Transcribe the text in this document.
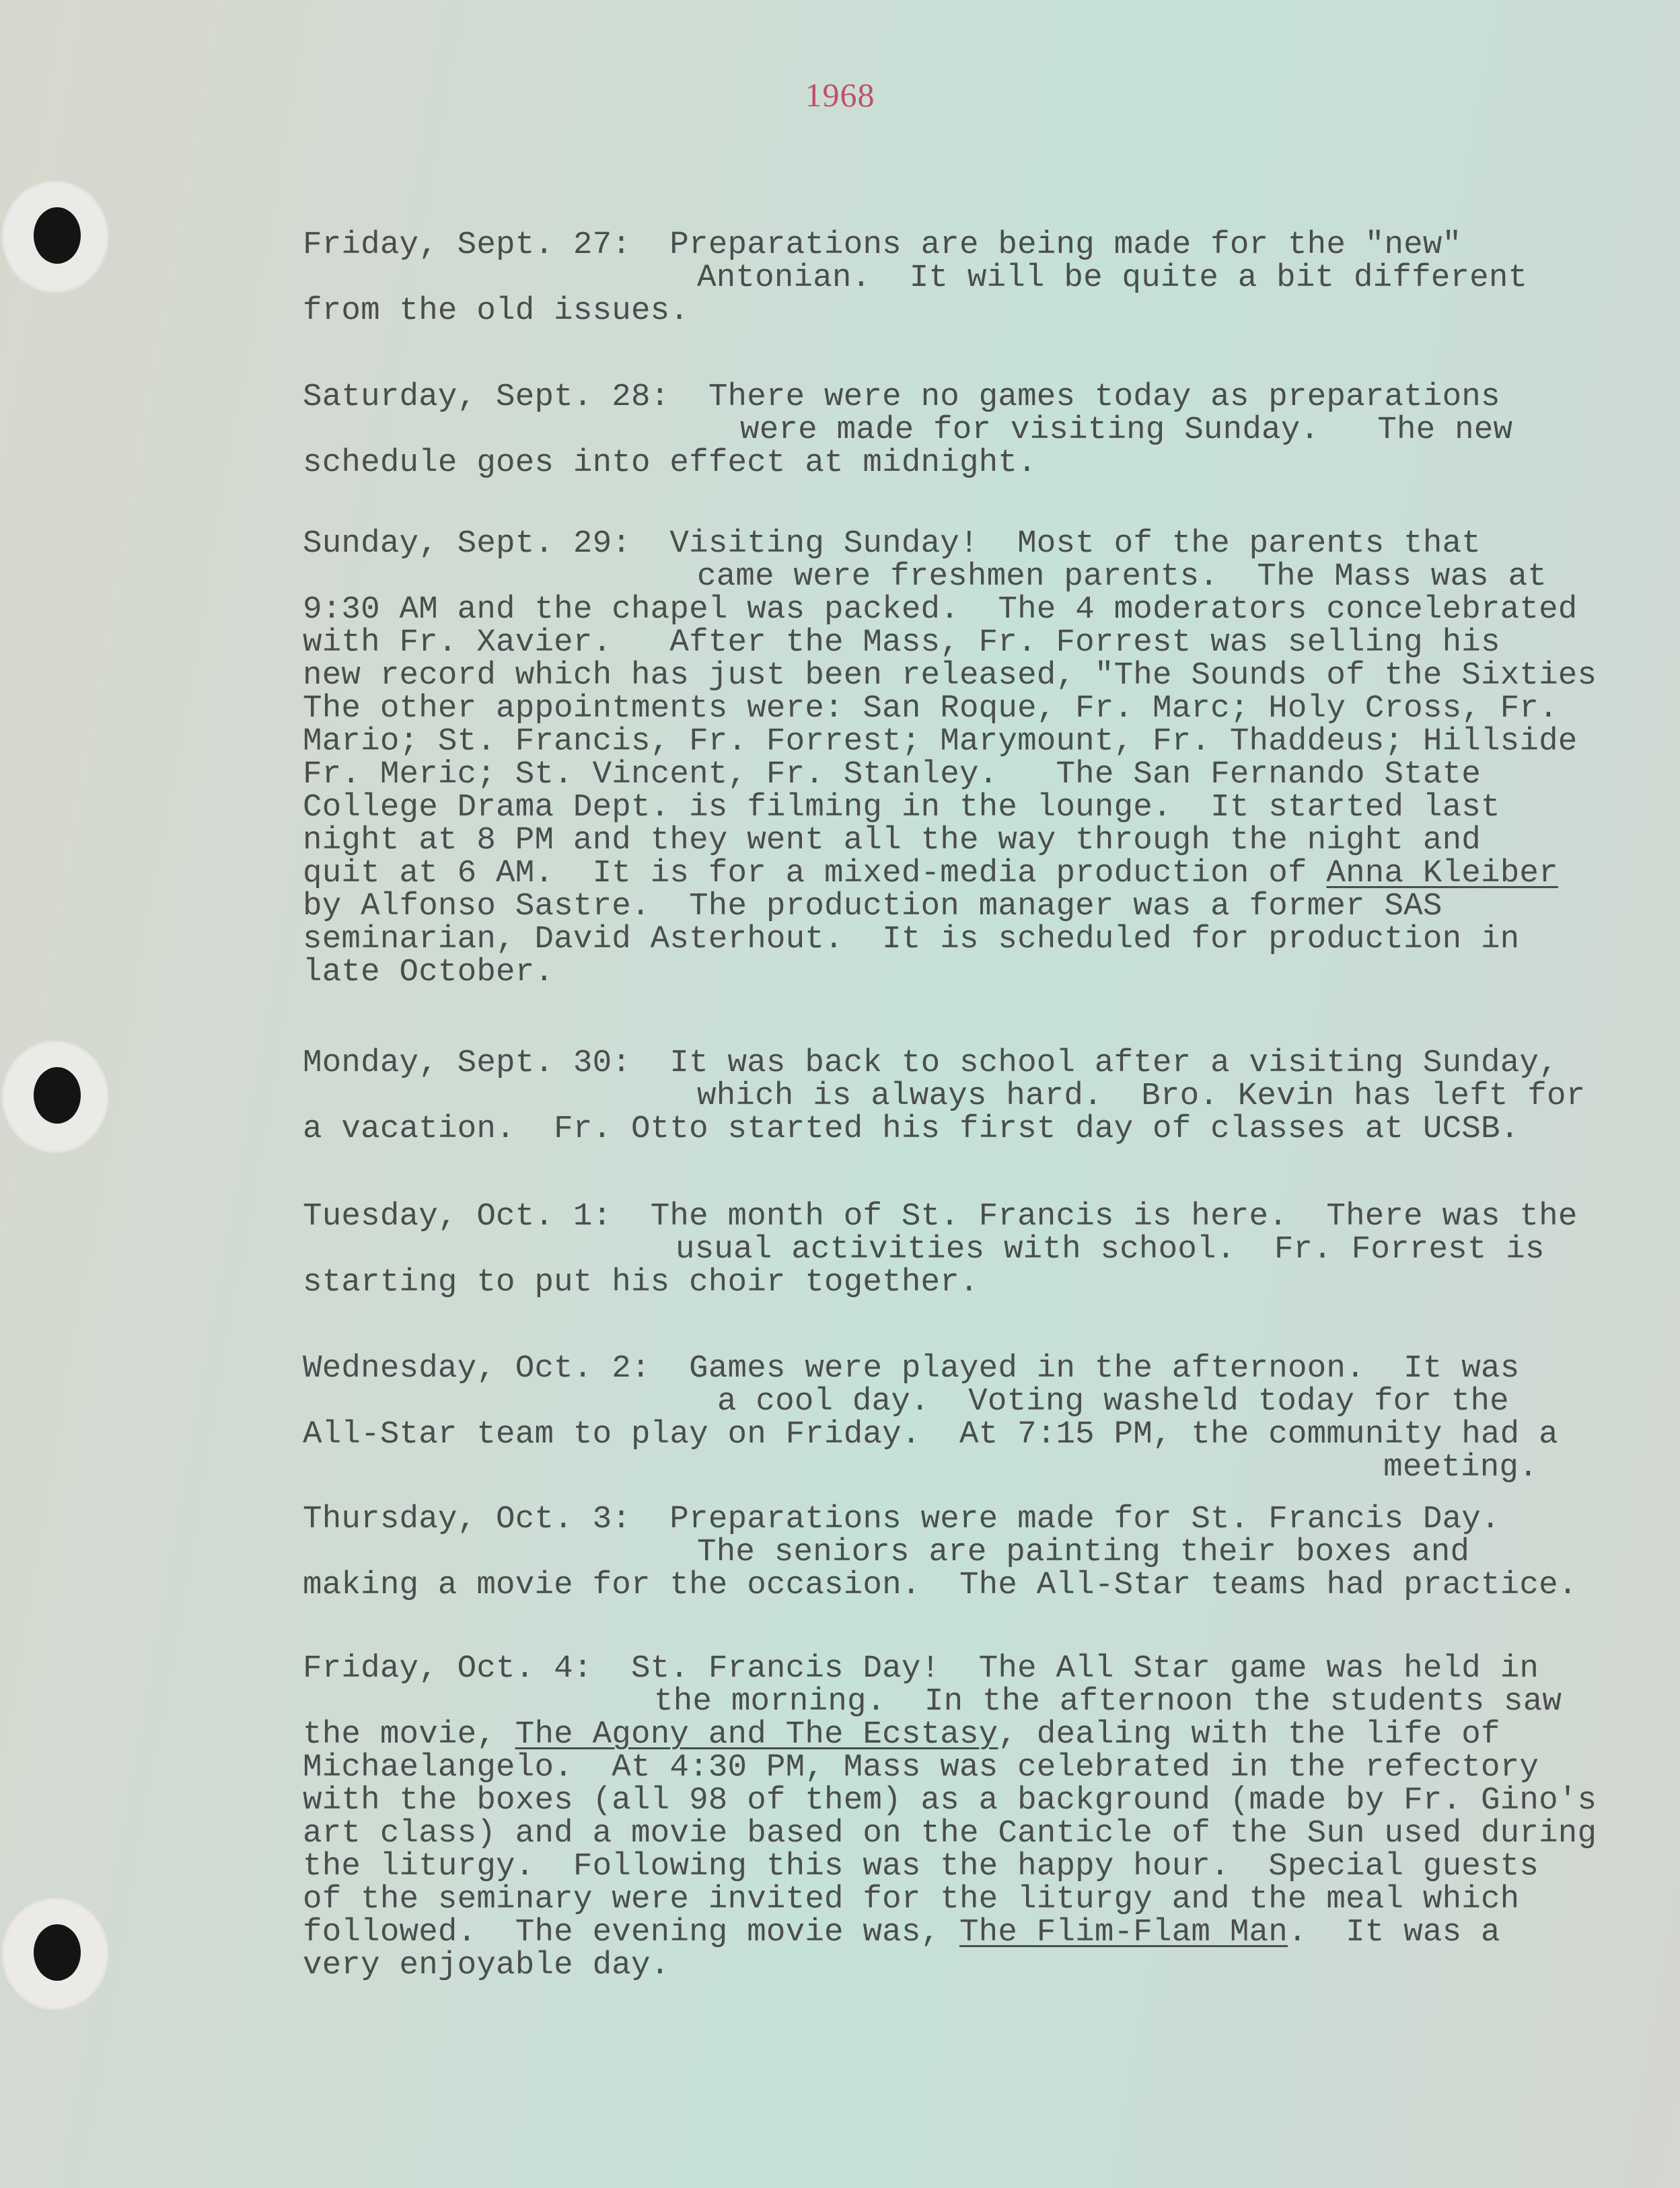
1968
Friday, Sept. 27: Preparations are being made for the "new"
Antonian.  It will be quite a bit different
from the old issues.
Saturday, Sept. 28: There were no games today as preparations
were made for visiting Sunday.   The new
schedule goes into effect at midnight.
Sunday, Sept. 29: Visiting Sunday!  Most of the parents that
came were freshmen parents.  The Mass was at
9:30 AM and the chapel was packed.  The 4 moderators concelebrated
with Fr. Xavier.   After the Mass, Fr. Forrest was selling his
new record which has just been released, "The Sounds of the Sixties
The other appointments were: San Roque, Fr. Marc; Holy Cross, Fr.
Mario; St. Francis, Fr. Forrest; Marymount, Fr. Thaddeus; Hillside
Fr. Meric; St. Vincent, Fr. Stanley.   The San Fernando State
College Drama Dept. is filming in the lounge.  It started last
night at 8 PM and they went all the way through the night and
quit at 6 AM.  It is for a mixed-media production of Anna Kleiber
by Alfonso Sastre.  The production manager was a former SAS
seminarian, David Asterhout.  It is scheduled for production in
late October.
Monday, Sept. 30: It was back to school after a visiting Sunday,
which is always hard.  Bro. Kevin has left for
a vacation.  Fr. Otto started his first day of classes at UCSB.
Tuesday, Oct. 1: The month of St. Francis is here.  There was the
usual activities with school.  Fr. Forrest is
starting to put his choir together.
Wednesday, Oct. 2: Games were played in the afternoon.  It was
a cool day.  Voting washeld today for the
All-Star team to play on Friday.  At 7:15 PM, the community had a
meeting.
Thursday, Oct. 3: Preparations were made for St. Francis Day.
The seniors are painting their boxes and
making a movie for the occasion.  The All-Star teams had practice.
Friday, Oct. 4: St. Francis Day!  The All Star game was held in
the morning.  In the afternoon the students saw
the movie, The Agony and The Ecstasy, dealing with the life of
Michaelangelo.  At 4:30 PM, Mass was celebrated in the refectory
with the boxes (all 98 of them) as a background (made by Fr. Gino's
art class) and a movie based on the Canticle of the Sun used during
the liturgy.  Following this was the happy hour.  Special guests
of the seminary were invited for the liturgy and the meal which
followed.  The evening movie was, The Flim-Flam Man.  It was a
very enjoyable day.
